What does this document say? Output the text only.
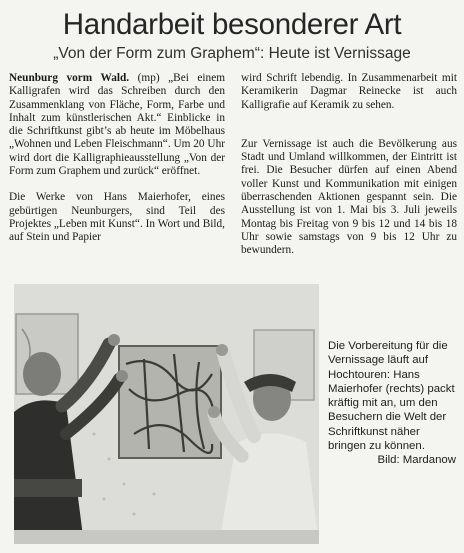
Handarbeit besonderer Art
„Von der Form zum Graphem“: Heute ist Vernissage

Neunburg vorm Wald. (mp) „Bei einem Kalligrafen wird das Schreiben durch den Zusammenklang von Fläche, Form, Farbe und Inhalt zum künstlerischen Akt.“ Einblicke in die Schriftkunst gibt’s ab heute im Möbelhaus „Wohnen und Leben Fleischmann“. Um 20 Uhr wird dort die Kalligraphieausstellung „Von der Form zum Graphem und zurück“ eröffnet.

Die Werke von Hans Maierhofer, eines gebürtigen Neunburgers, sind Teil des Projektes „Leben mit Kunst“. In Wort und Bild, auf Stein und Papier

wird Schrift lebendig. In Zusammenarbeit mit Keramikerin Dagmar Reinecke ist auch Kalligrafie auf Keramik zu sehen.

Zur Vernissage ist auch die Bevölkerung aus Stadt und Umland willkommen, der Eintritt ist frei. Die Besucher dürfen auf einen Abend voller Kunst und Kommunikation mit einigen überraschenden Aktionen gespannt sein. Die Ausstellung ist von 1. Mai bis 3. Juli jeweils Montag bis Freitag von 9 bis 12 und 14 bis 18 Uhr sowie samstags von 9 bis 12 Uhr zu bewundern.

Die Vorbereitung für die Vernissage läuft auf Hochtouren: Hans Maierhofer (rechts) packt kräftig mit an, um den Besuchern die Welt der Schriftkunst näher bringen zu können.
Bild: Mardanow
